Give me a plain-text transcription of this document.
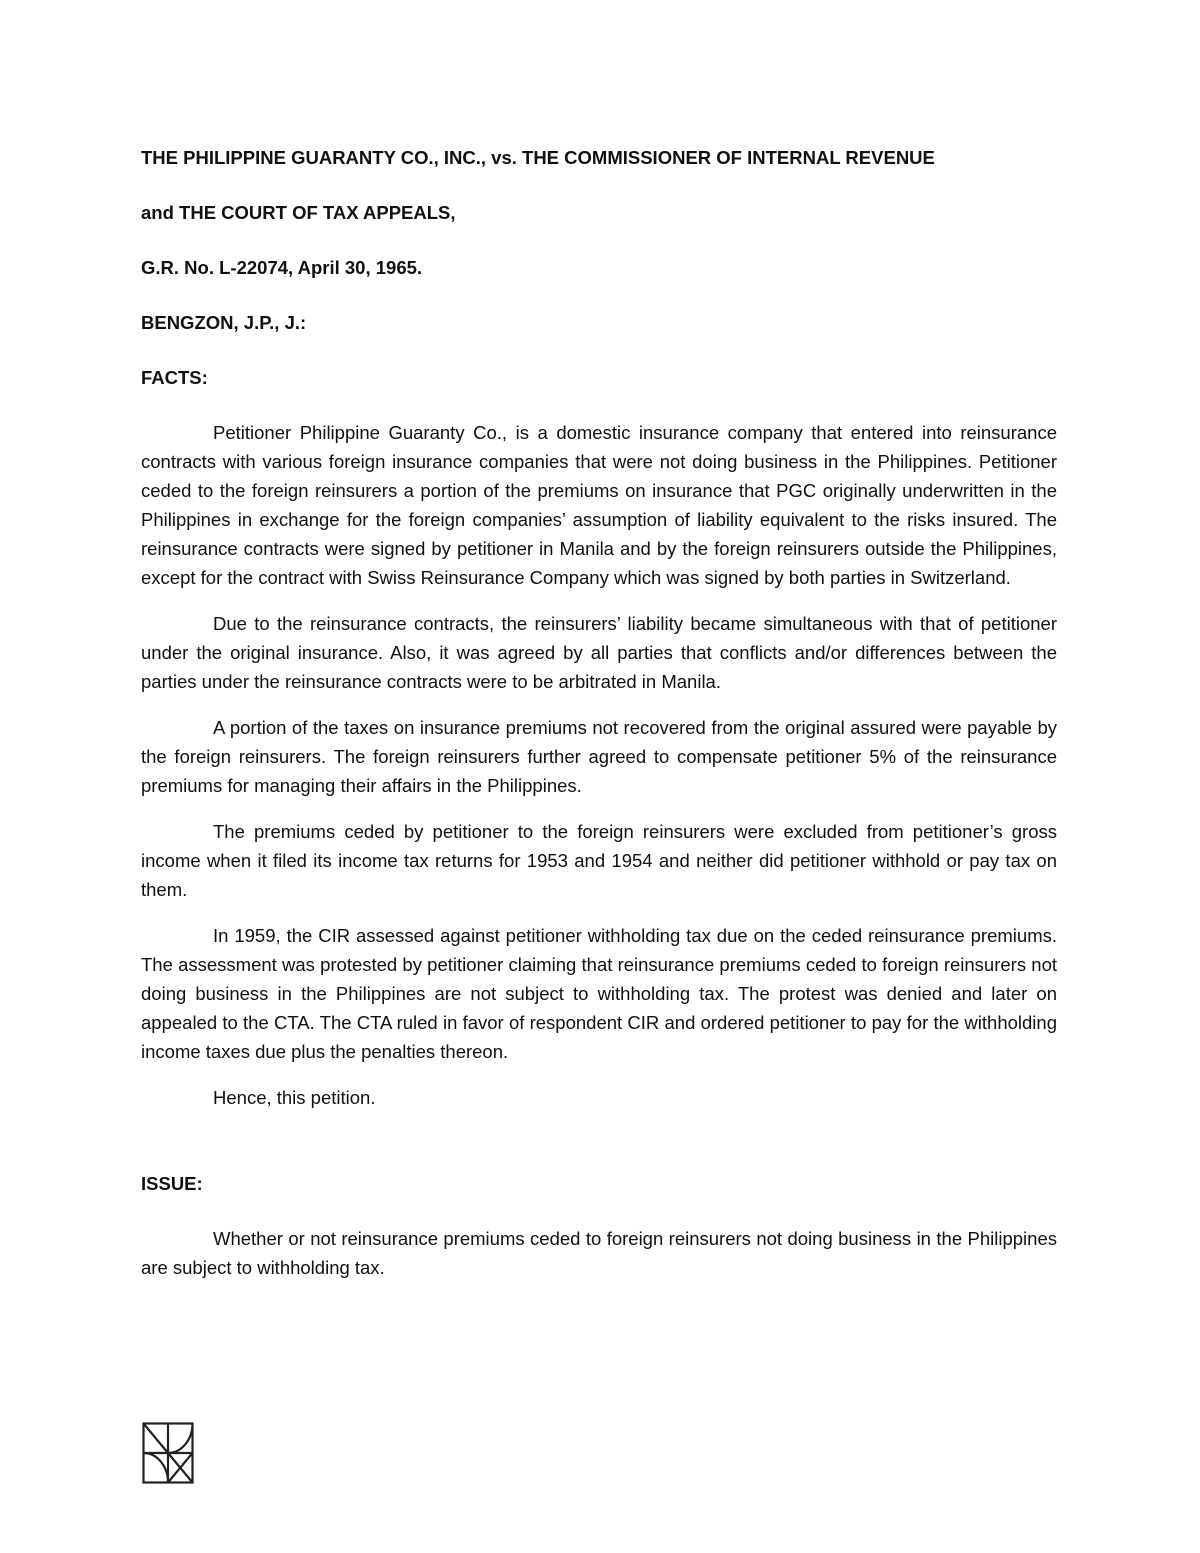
THE PHILIPPINE GUARANTY CO., INC., vs. THE COMMISSIONER OF INTERNAL REVENUE
and THE COURT OF TAX APPEALS,
G.R. No. L-22074, April 30, 1965.
BENGZON, J.P., J.:
FACTS:

Petitioner Philippine Guaranty Co., is a domestic insurance company that entered into reinsurance contracts with various foreign insurance companies that were not doing business in the Philippines. Petitioner ceded to the foreign reinsurers a portion of the premiums on insurance that PGC originally underwritten in the Philippines in exchange for the foreign companies’ assumption of liability equivalent to the risks insured. The reinsurance contracts were signed by petitioner in Manila and by the foreign reinsurers outside the Philippines, except for the contract with Swiss Reinsurance Company which was signed by both parties in Switzerland.

Due to the reinsurance contracts, the reinsurers’ liability became simultaneous with that of petitioner under the original insurance. Also, it was agreed by all parties that conflicts and/or differences between the parties under the reinsurance contracts were to be arbitrated in Manila.

A portion of the taxes on insurance premiums not recovered from the original assured were payable by the foreign reinsurers. The foreign reinsurers further agreed to compensate petitioner 5% of the reinsurance premiums for managing their affairs in the Philippines.

The premiums ceded by petitioner to the foreign reinsurers were excluded from petitioner’s gross income when it filed its income tax returns for 1953 and 1954 and neither did petitioner withhold or pay tax on them.

In 1959, the CIR assessed against petitioner withholding tax due on the ceded reinsurance premiums. The assessment was protested by petitioner claiming that reinsurance premiums ceded to foreign reinsurers not doing business in the Philippines are not subject to withholding tax. The protest was denied and later on appealed to the CTA. The CTA ruled in favor of respondent CIR and ordered petitioner to pay for the withholding income taxes due plus the penalties thereon.

Hence, this petition.

ISSUE:

Whether or not reinsurance premiums ceded to foreign reinsurers not doing business in the Philippines are subject to withholding tax.
